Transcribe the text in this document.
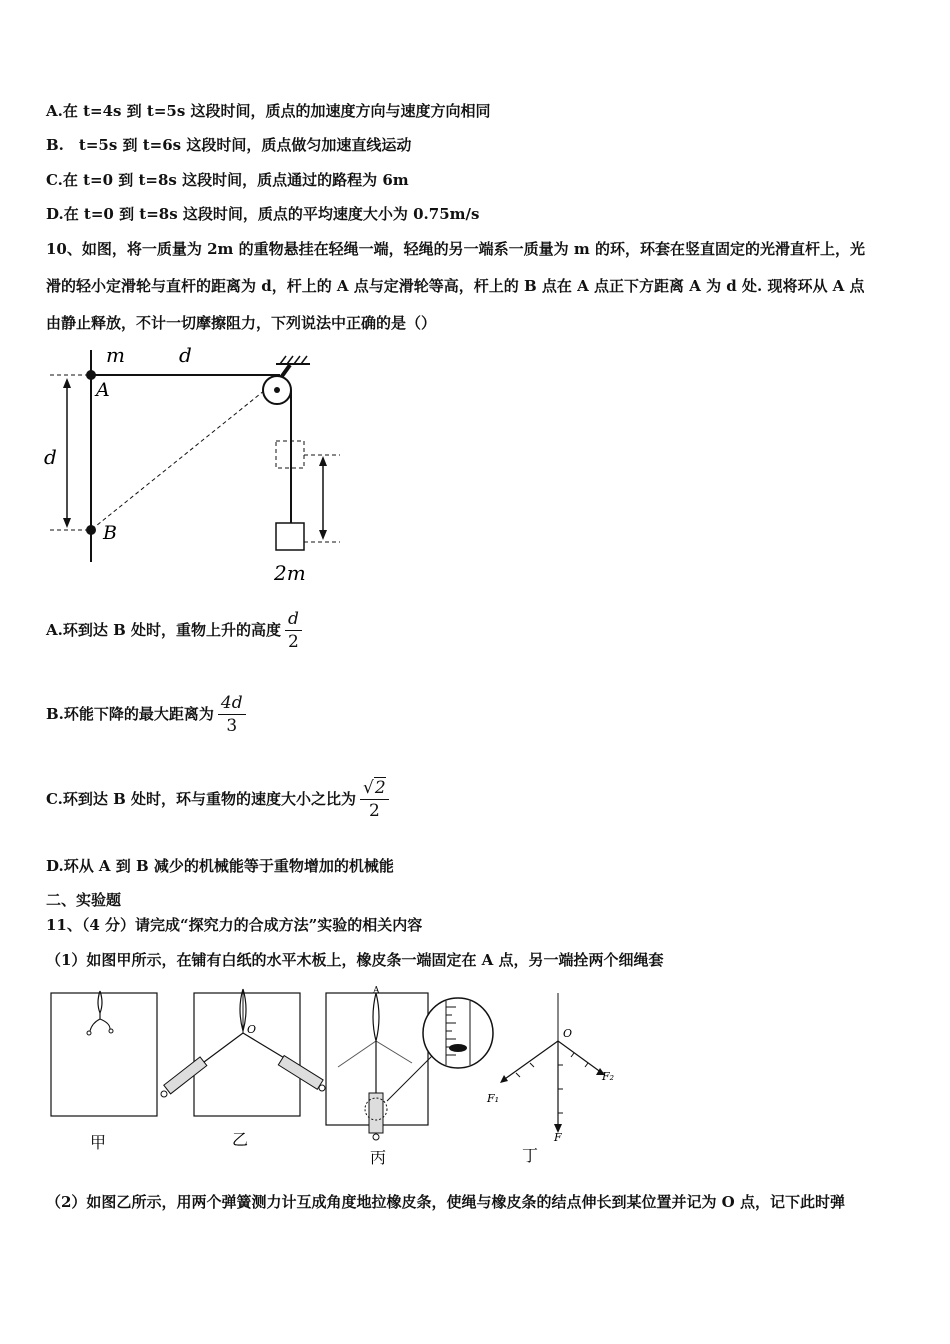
A.在 t=4s 到 t=5s 这段时间，质点的加速度方向与速度方向相同
B.　t=5s 到 t=6s 这段时间，质点做匀加速直线运动
C.在 t=0 到 t=8s 这段时间，质点通过的路程为 6m
D.在 t=0 到 t=8s 这段时间，质点的平均速度大小为 0.75m/s
10、如图，将一质量为 2m 的重物悬挂在轻绳一端，轻绳的另一端系一质量为 m 的环，环套在竖直固定的光滑直杆上，光
滑的轻小定滑轮与直杆的距离为 d，杆上的 A 点与定滑轮等高，杆上的 B 点在 A 点正下方距离 A 为 d 处. 现将环从 A 点
由静止释放，不计一切摩擦阻力，下列说法中正确的是（）
m	d
A
d
B
2m
A.环到达 B 处时，重物上升的高度 $\frac{d}{2}$
B.环能下降的最大距离为 $\frac{4d}{3}$
C.环到达 B 处时，环与重物的速度大小之比为 $\frac{√2}{2}$
D.环从 A 到 B 减少的机械能等于重物增加的机械能
二、实验题
11、（4 分）请完成“探究力的合成方法”实验的相关内容
（1）如图甲所示，在铺有白纸的水平木板上，橡皮条一端固定在 A 点，另一端拴两个细绳套
甲
O
乙
A
丙
O
F₁
F₂
F
丁
（2）如图乙所示，用两个弹簧测力计互成角度地拉橡皮条，使绳与橡皮条的结点伸长到某位置并记为 O 点，记下此时弹
